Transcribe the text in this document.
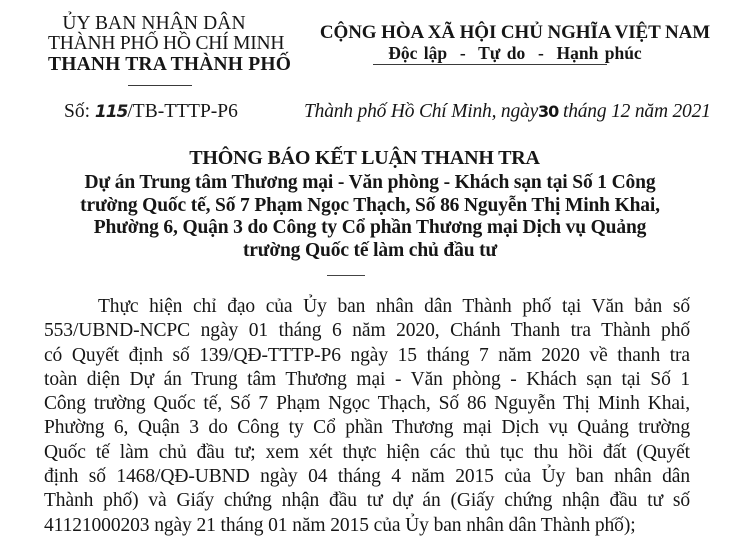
ỦY BAN NHÂN DÂN
THÀNH PHỐ HỒ CHÍ MINH
THANH TRA THÀNH PHỐ
CỘNG HÒA XÃ HỘI CHỦ NGHĨA VIỆT NAM
Độc lập  -  Tự do  -  Hạnh phúc
Số: 115/TB-TTTP-P6	Thành phố Hồ Chí Minh, ngày30 tháng 12 năm 2021
THÔNG BÁO KẾT LUẬN THANH TRA
Dự án Trung tâm Thương mại - Văn phòng - Khách sạn tại Số 1 Công
trường Quốc tế, Số 7 Phạm Ngọc Thạch, Số 86 Nguyễn Thị Minh Khai,
Phường 6, Quận 3 do Công ty Cổ phần Thương mại Dịch vụ Quảng
trường Quốc tế làm chủ đầu tư
Thực hiện chỉ đạo của Ủy ban nhân dân Thành phố tại Văn bản số
553/UBND-NCPC ngày 01 tháng 6 năm 2020, Chánh Thanh tra Thành phố
có Quyết định số 139/QĐ-TTTP-P6 ngày 15 tháng 7 năm 2020 về thanh tra
toàn diện Dự án Trung tâm Thương mại - Văn phòng - Khách sạn tại Số 1
Công trường Quốc tế, Số 7 Phạm Ngọc Thạch, Số 86 Nguyễn Thị Minh Khai,
Phường 6, Quận 3 do Công ty Cổ phần Thương mại Dịch vụ Quảng trường
Quốc tế làm chủ đầu tư; xem xét thực hiện các thủ tục thu hồi đất (Quyết
định số 1468/QĐ-UBND ngày 04 tháng 4 năm 2015 của Ủy ban nhân dân
Thành phố) và Giấy chứng nhận đầu tư dự án (Giấy chứng nhận đầu tư số
41121000203 ngày 21 tháng 01 năm 2015 của Ủy ban nhân dân Thành phố);
